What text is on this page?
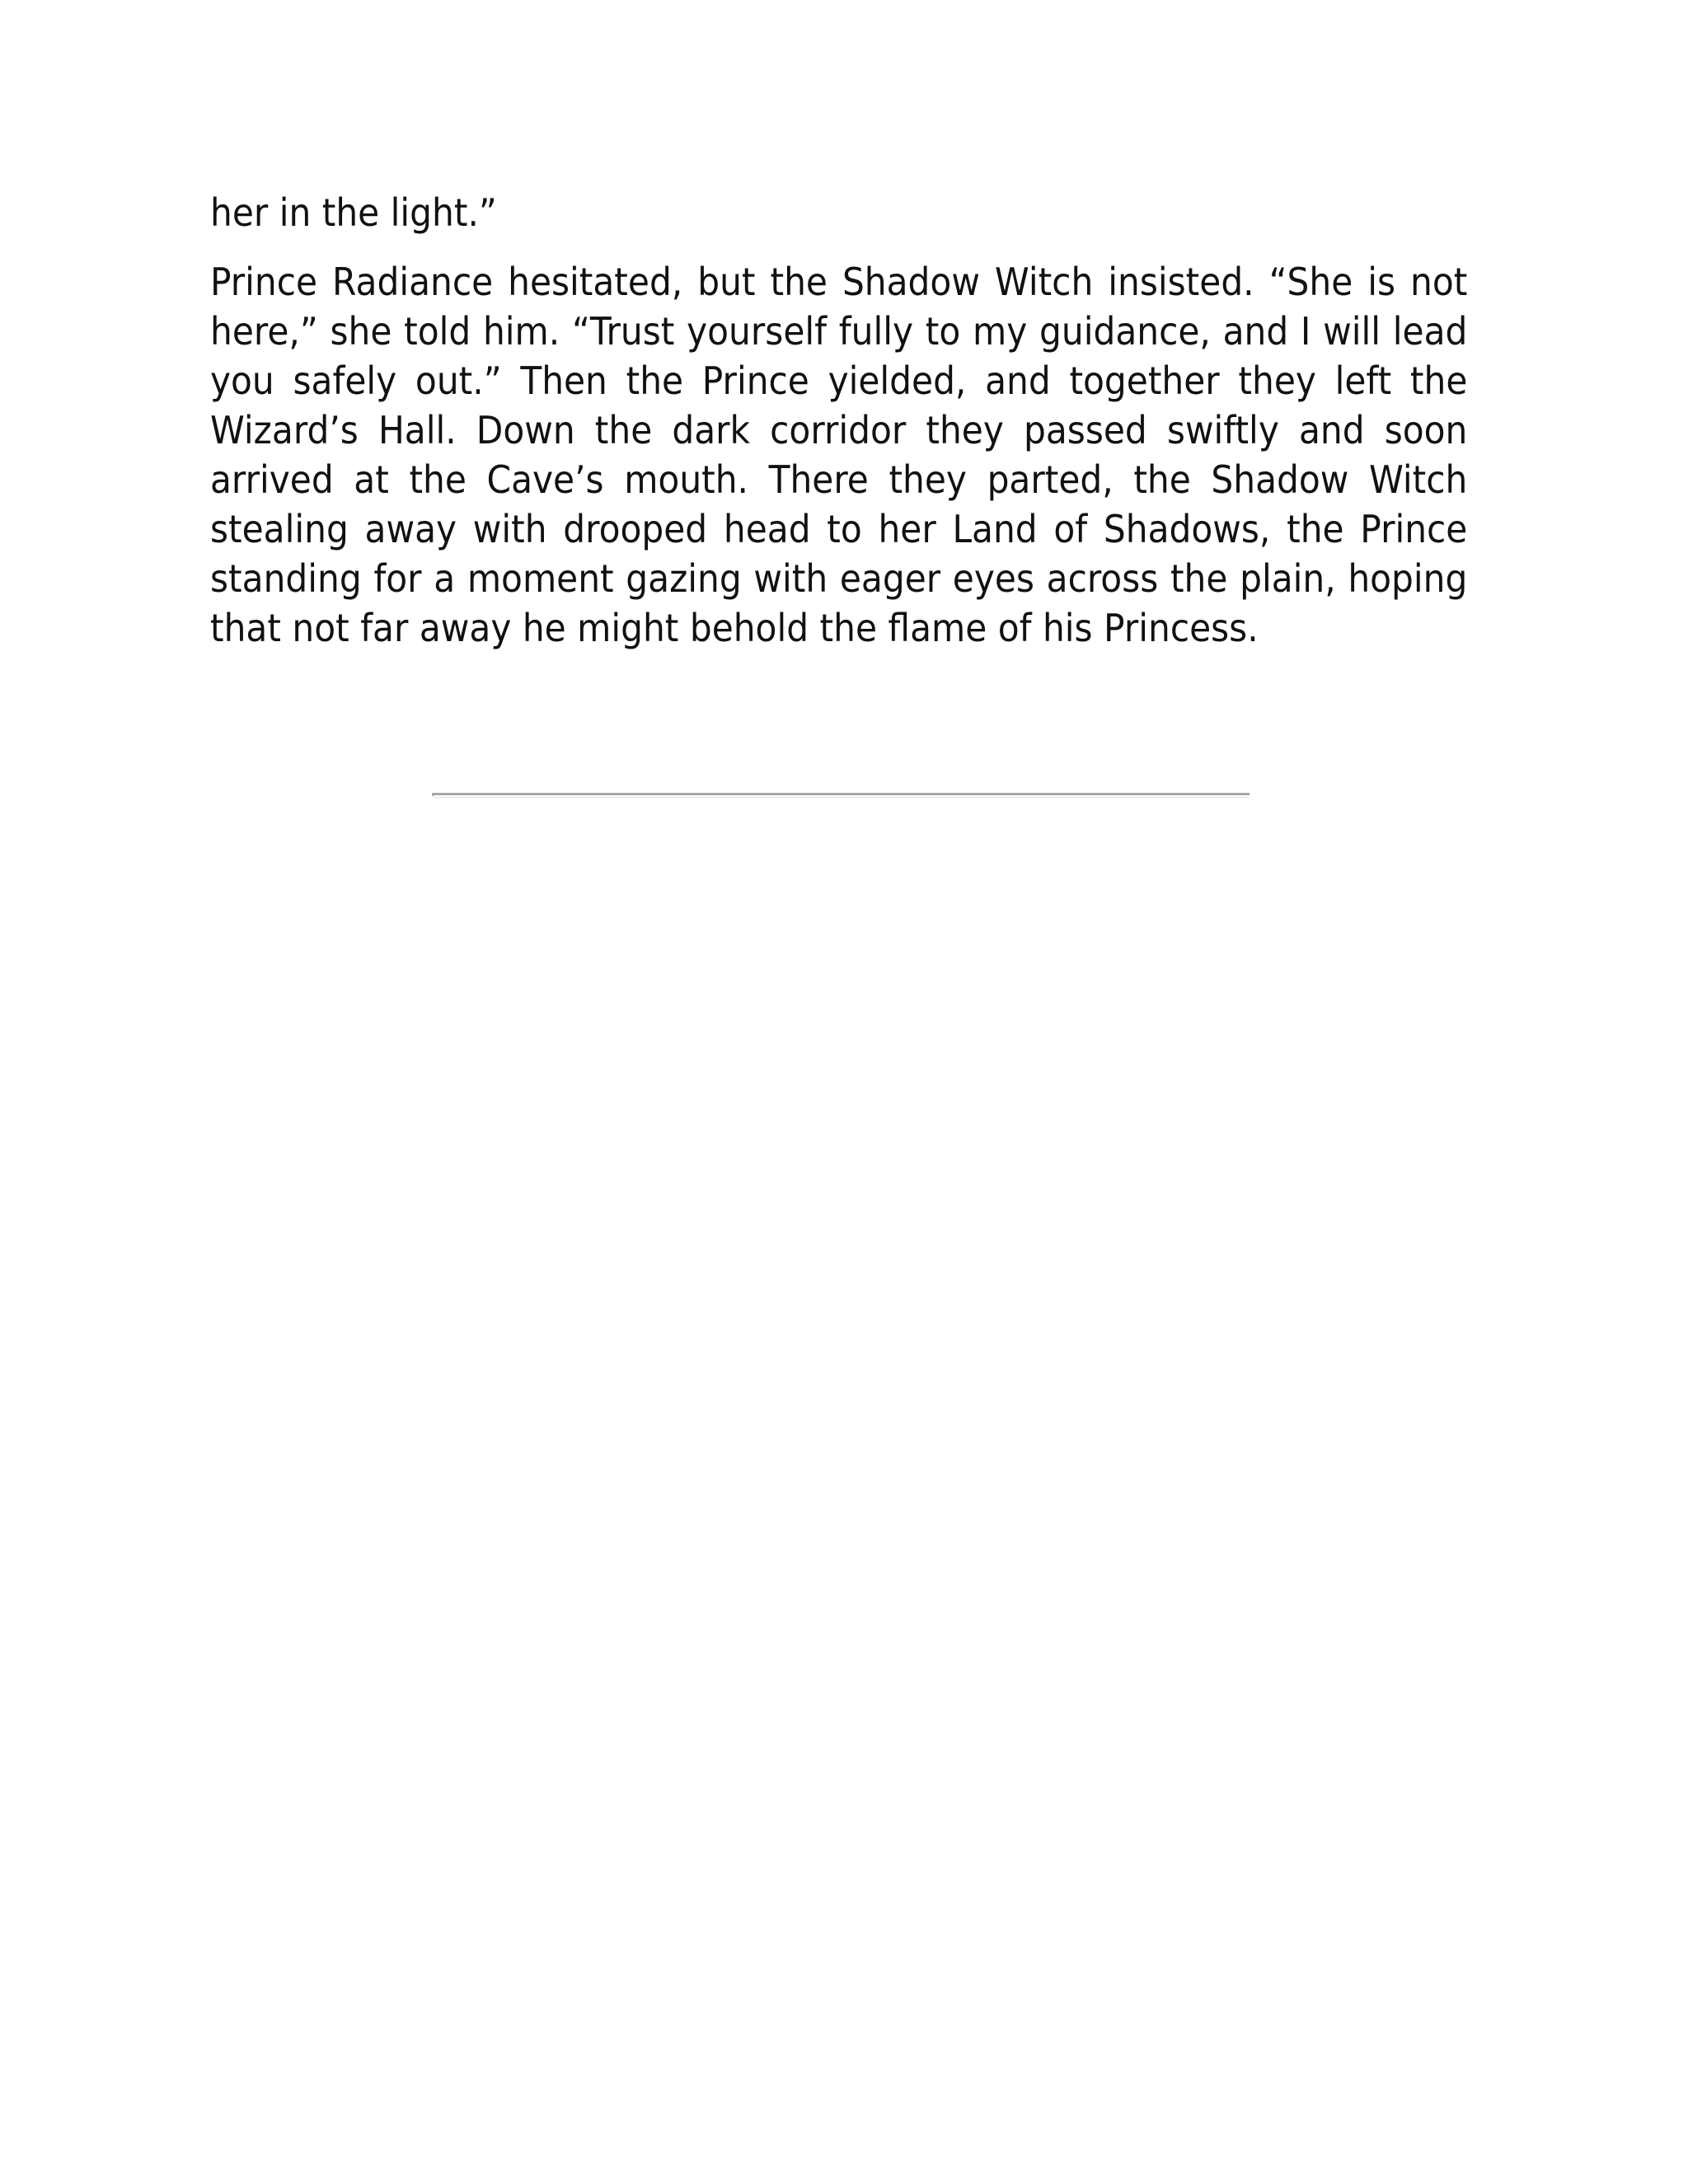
her in the light.”

Prince Radiance hesitated, but the Shadow Witch insisted. “She is not here,” she told him. “Trust yourself fully to my guidance, and I will lead you safely out.” Then the Prince yielded, and together they left the Wizard’s Hall. Down the dark corridor they passed swiftly and soon arrived at the Cave’s mouth. There they parted, the Shadow Witch stealing away with drooped head to her Land of Shadows, the Prince standing for a moment gazing with eager eyes across the plain, hoping that not far away he might behold the flame of his Princess.
